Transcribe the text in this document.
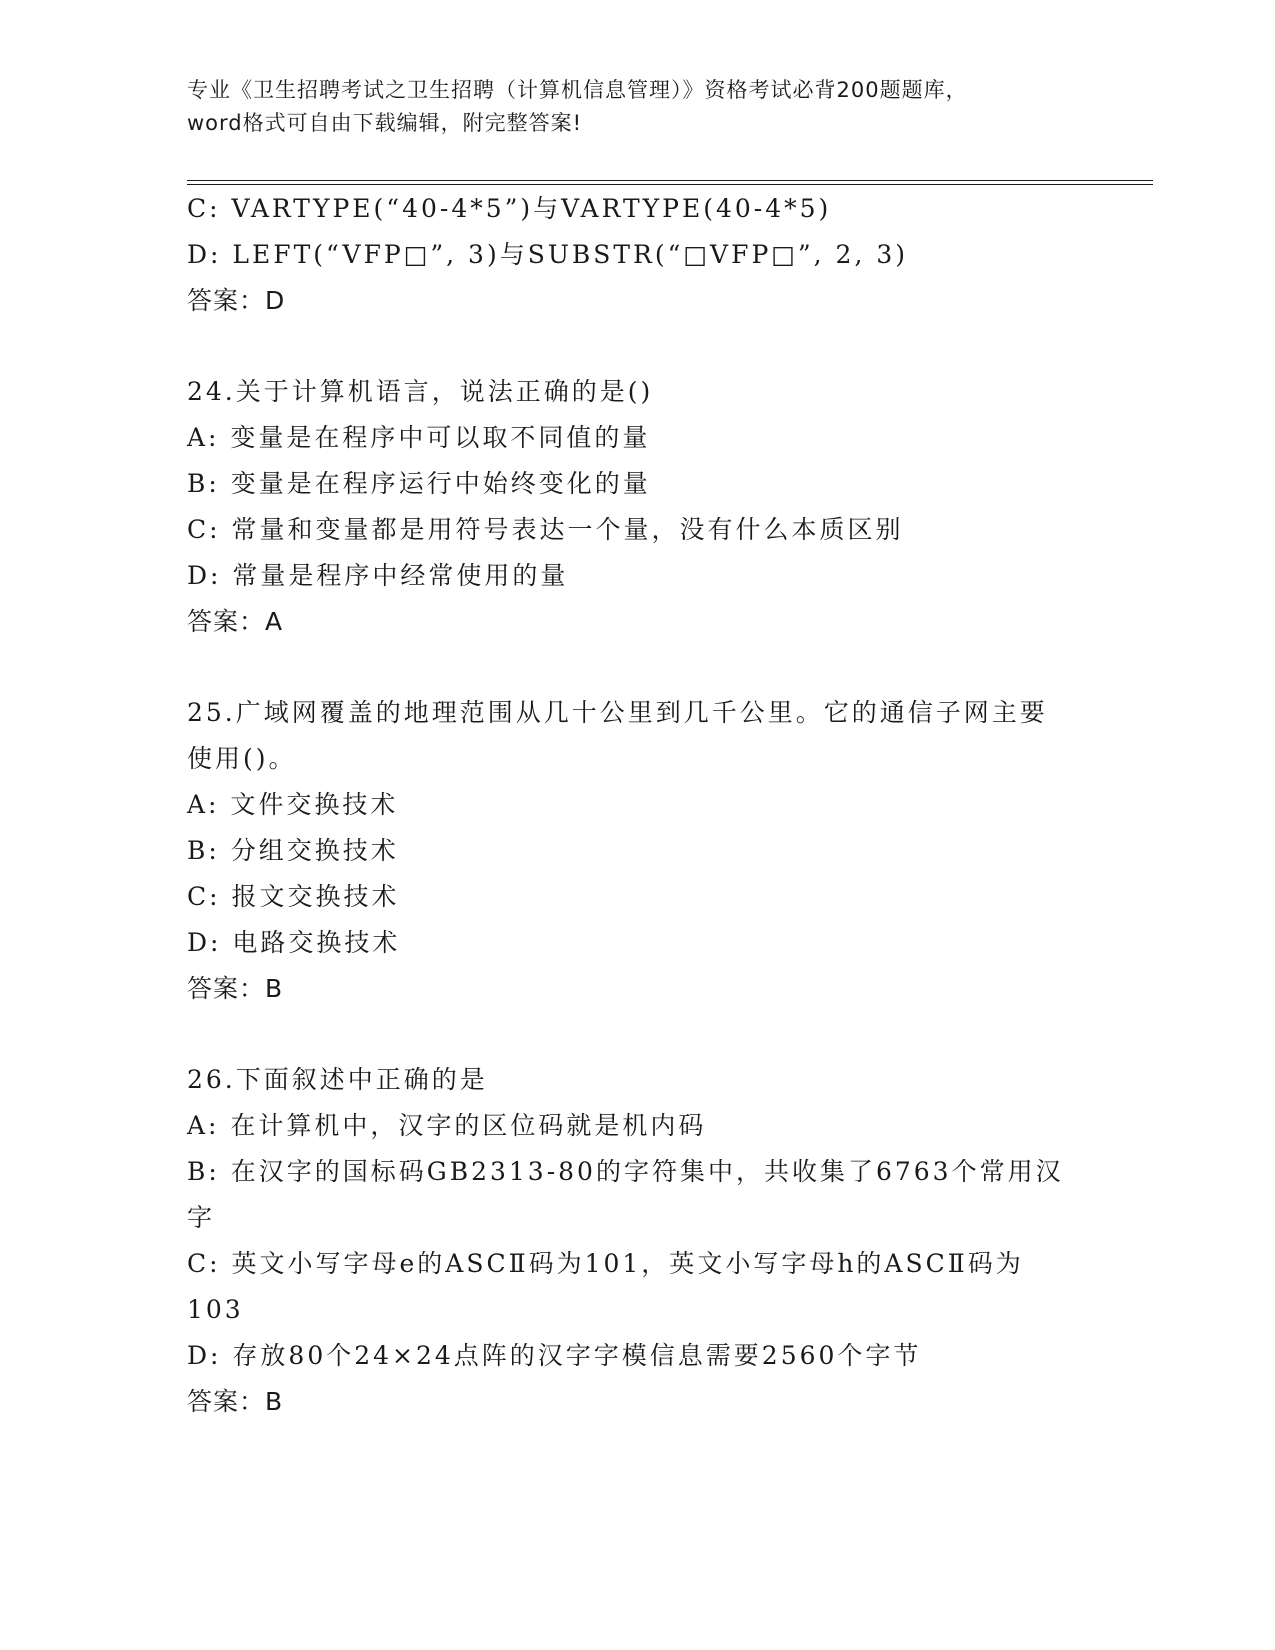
专业《卫生招聘考试之卫生招聘（计算机信息管理）》资格考试必背200题题库，
word格式可自由下载编辑，附完整答案!
C: VARTYPE(“40-4*5”)与VARTYPE(40-4*5)
D: LEFT(“VFP□”, 3)与SUBSTR(“□VFP□”, 2, 3)
答案：D
24.关于计算机语言，说法正确的是()
A: 变量是在程序中可以取不同值的量
B: 变量是在程序运行中始终变化的量
C: 常量和变量都是用符号表达一个量，没有什么本质区别
D: 常量是程序中经常使用的量
答案：A
25.广域网覆盖的地理范围从几十公里到几千公里。它的通信子网主要
使用()。
A: 文件交换技术
B: 分组交换技术
C: 报文交换技术
D: 电路交换技术
答案：B
26.下面叙述中正确的是
A: 在计算机中，汉字的区位码就是机内码
B: 在汉字的国标码GB2313-80的字符集中，共收集了6763个常用汉
字
C: 英文小写字母e的ASCⅡ码为101，英文小写字母h的ASCⅡ码为
103
D: 存放80个24×24点阵的汉字字模信息需要2560个字节
答案：B
